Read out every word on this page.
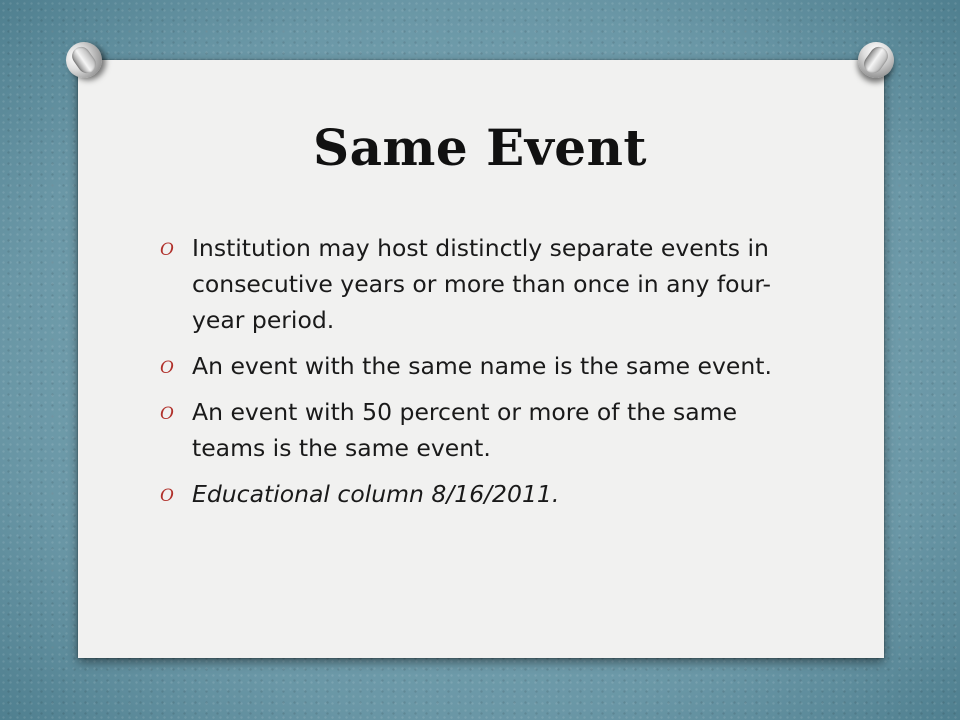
Same Event
O Institution may host distinctly separate events in consecutive years or more than once in any four-year period.
O An event with the same name is the same event.
O An event with 50 percent or more of the same teams is the same event.
O Educational column 8/16/2011.
